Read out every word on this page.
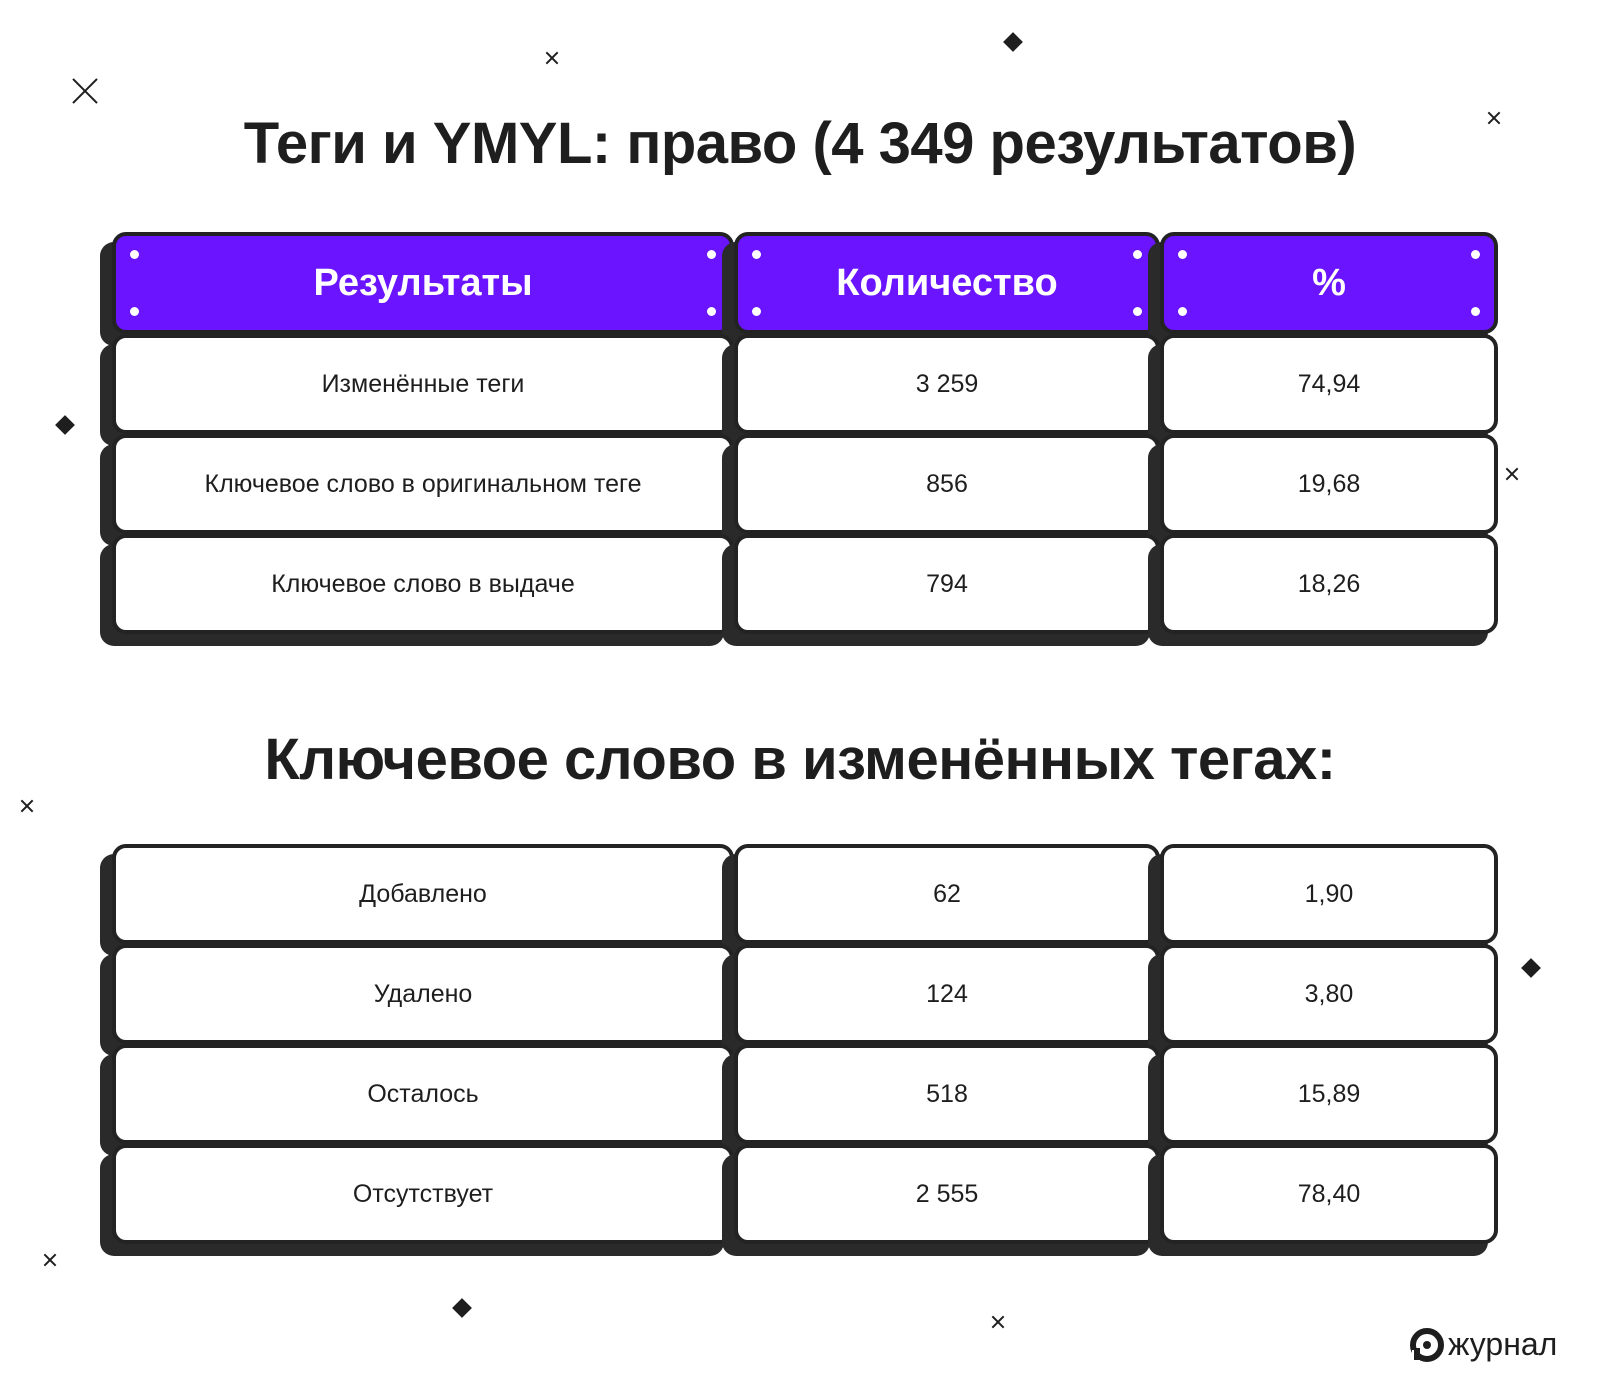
Теги и YMYL: право (4 349 результатов)
Результаты	Количество	%
Изменённые теги	3 259	74,94
Ключевое слово в оригинальном теге	856	19,68
Ключевое слово в выдаче	794	18,26
Ключевое слово в изменённых тегах:
Добавлено	62	1,90
Удалено	124	3,80
Осталось	518	15,89
Отсутствует	2 555	78,40
журнал
